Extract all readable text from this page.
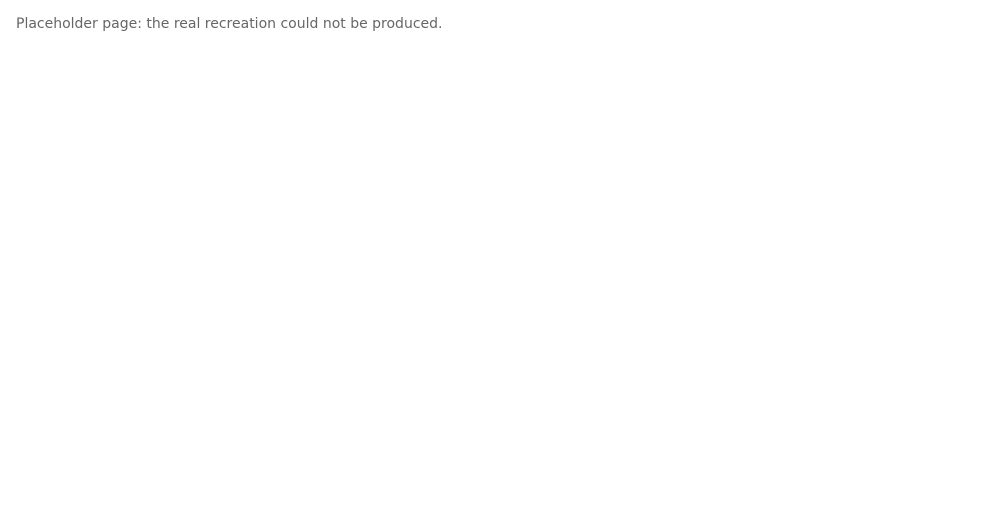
Placeholder page: the real recreation could not be produced.
